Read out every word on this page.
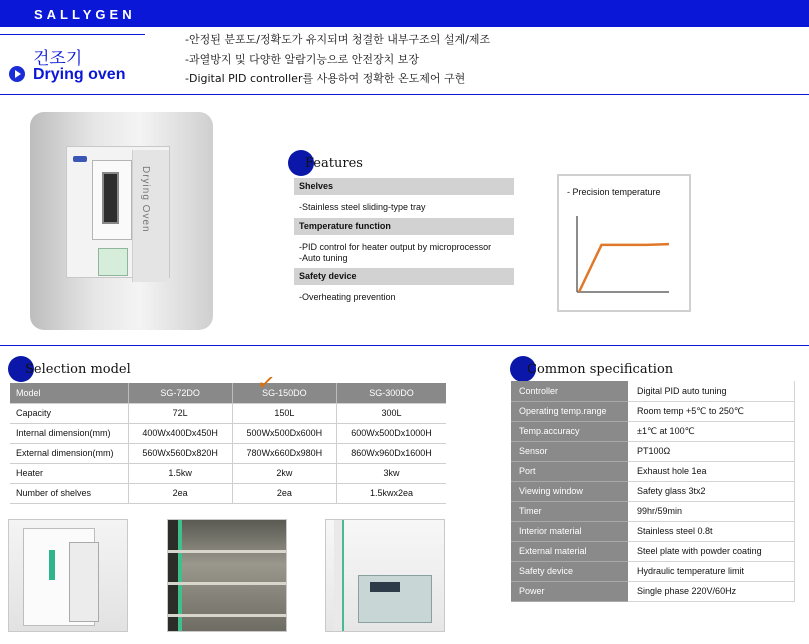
SALLYGEN
건조기
Drying oven
-안정된 분포도/정확도가 유지되며 청결한 내부구조의 설계/제조
-과열방지 및 다양한 알람기능으로 안전장치 보장
-Digital PID controller를 사용하여 정확한 온도제어 구현
Drying Oven
Features
Shelves
-Stainless steel sliding-type tray
Temperature function
-PID control for heater output by microprocessor
-Auto tuning
Safety device
-Overheating prevention
- Precision temperature
Selection model
Model	SG-72DO	SG-150DO	SG-300DO
Capacity	72L	150L	300L
Internal dimension(mm)	400Wx400Dx450H	500Wx500Dx600H	600Wx500Dx1000H
External dimension(mm)	560Wx560Dx820H	780Wx660Dx980H	860Wx960Dx1600H
Heater	1.5kw	2kw	3kw
Number of shelves	2ea	2ea	1.5kwx2ea
✓	Common specification
Controller	Digital PID auto tuning
Operating temp.range	Room temp +5℃ to 250℃
Temp.accuracy	±1℃ at 100℃
Sensor	PT100Ω
Port	Exhaust hole 1ea
Viewing window	Safety glass 3tx2
Timer	99hr/59min
Interior material	Stainless steel 0.8t
External material	Steel plate with powder coating
Safety device	Hydraulic temperature limit
Power	Single phase 220V/60Hz
